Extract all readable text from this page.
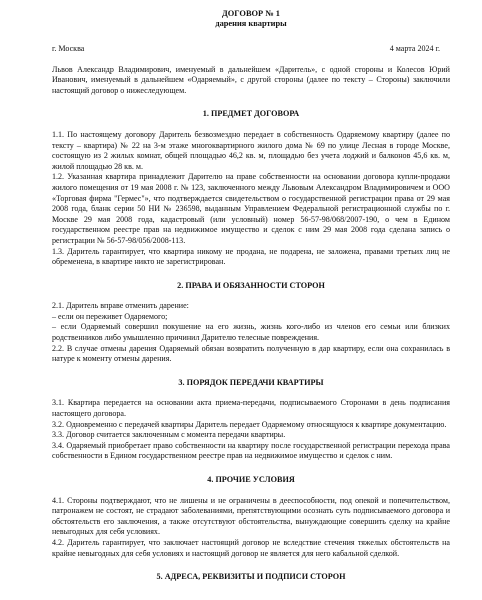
ДОГОВОР № 1

дарения квартиры

г. Москва	4 марта 2024 г.

Львов Александр Владимирович, именуемый в дальнейшем «Даритель», с одной стороны и Колесов Юрий Иванович, именуемый в дальнейшем «Одаряемый», с другой стороны (далее по тексту – Стороны) заключили настоящий договор о нижеследующем.

1. ПРЕДМЕТ ДОГОВОРА

1.1. По настоящему договору Даритель безвозмездно передает в собственность Одаряемому квартиру (далее по тексту – квартира) № 22 на 3-м этаже многоквартирного жилого дома № 69 по улице Лесная в городе Москве, состоящую из 2 жилых комнат, общей площадью 46,2 кв. м, площадью без учета лоджий и балконов 45,6 кв. м, жилой площадью 28 кв. м.

1.2. Указанная квартира принадлежит Дарителю на праве собственности на основании договора купли-продажи жилого помещения от 19 мая 2008 г. № 123, заключенного между Львовым Александром Владимировичем и ООО «Торговая фирма "Гермес"», что подтверждается свидетельством о государственной регистрации права от 29 мая 2008 года, бланк серии 50 НИ № 236598, выданным Управлением Федеральной регистрационной службы по г. Москве 29 мая 2008 года, кадастровый (или условный) номер 56-57-98/068/2007-190, о чем в Едином государственном реестре прав на недвижимое имущество и сделок с ним 29 мая 2008 года сделана запись о регистрации № 56-57-98/056/2008-113.

1.3. Даритель гарантирует, что квартира никому не продана, не подарена, не заложена, правами третьих лиц не обременена, в квартире никто не зарегистрирован.

2. ПРАВА И ОБЯЗАННОСТИ СТОРОН

2.1. Даритель вправе отменить дарение:

– если он переживет Одаряемого;

– если Одаряемый совершил покушение на его жизнь, жизнь кого-либо из членов его семьи или близких родственников либо умышленно причинил Дарителю телесные повреждения.

2.2. В случае отмены дарения Одаряемый обязан возвратить полученную в дар квартиру, если она сохранилась в натуре к моменту отмены дарения.

3. ПОРЯДОК ПЕРЕДАЧИ КВАРТИРЫ

3.1. Квартира передается на основании акта приема-передачи, подписываемого Сторонами в день подписания настоящего договора.

3.2. Одновременно с передачей квартиры Даритель передает Одаряемому относящуюся к квартире документацию.

3.3. Договор считается заключенным с момента передачи квартиры.

3.4. Одаряемый приобретает право собственности на квартиру после государственной регистрации перехода права собственности в Едином государственном реестре прав на недвижимое имущество и сделок с ним.

4. ПРОЧИЕ УСЛОВИЯ

4.1. Стороны подтверждают, что не лишены и не ограничены в дееспособности, под опекой и попечительством, патронажем не состоят, не страдают заболеваниями, препятствующими осознать суть подписываемого договора и обстоятельств его заключения, а также отсутствуют обстоятельства, вынуждающие совершить сделку на крайне невыгодных для себя условиях.

4.2. Даритель гарантирует, что заключает настоящий договор не вследствие стечения тяжелых обстоятельств на крайне невыгодных для себя условиях и настоящий договор не является для него кабальной сделкой.

5. АДРЕСА, РЕКВИЗИТЫ И ПОДПИСИ СТОРОН
